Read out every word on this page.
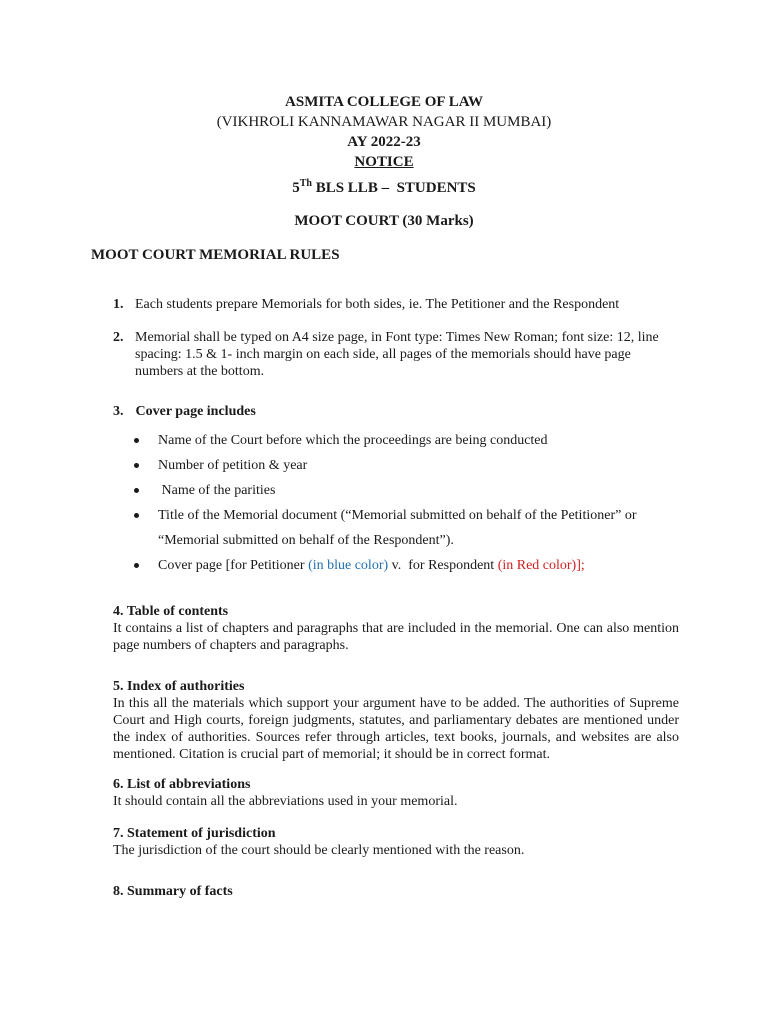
ASMITA COLLEGE OF LAW
(VIKHROLI KANNAMAWAR NAGAR II MUMBAI)
AY 2022-23
NOTICE
5Th BLS LLB –  STUDENTS
MOOT COURT (30 Marks)
MOOT COURT MEMORIAL RULES
1. Each students prepare Memorials for both sides, ie. The Petitioner and the Respondent
2. Memorial shall be typed on A4 size page, in Font type: Times New Roman; font size: 12, line spacing: 1.5 & 1- inch margin on each side, all pages of the memorials should have page numbers at the bottom.
3. Cover page includes
Name of the Court before which the proceedings are being conducted
Number of petition & year
Name of the parities
Title of the Memorial document (“Memorial submitted on behalf of the Petitioner” or “Memorial submitted on behalf of the Respondent”).
Cover page [for Petitioner (in blue color) v.  for Respondent (in Red color)];
4. Table of contents
It contains a list of chapters and paragraphs that are included in the memorial. One can also mention page numbers of chapters and paragraphs.
5. Index of authorities
In this all the materials which support your argument have to be added. The authorities of Supreme Court and High courts, foreign judgments, statutes, and parliamentary debates are mentioned under the index of authorities. Sources refer through articles, text books, journals, and websites are also mentioned. Citation is crucial part of memorial; it should be in correct format.
6. List of abbreviations
It should contain all the abbreviations used in your memorial.
7. Statement of jurisdiction
The jurisdiction of the court should be clearly mentioned with the reason.
8. Summary of facts
